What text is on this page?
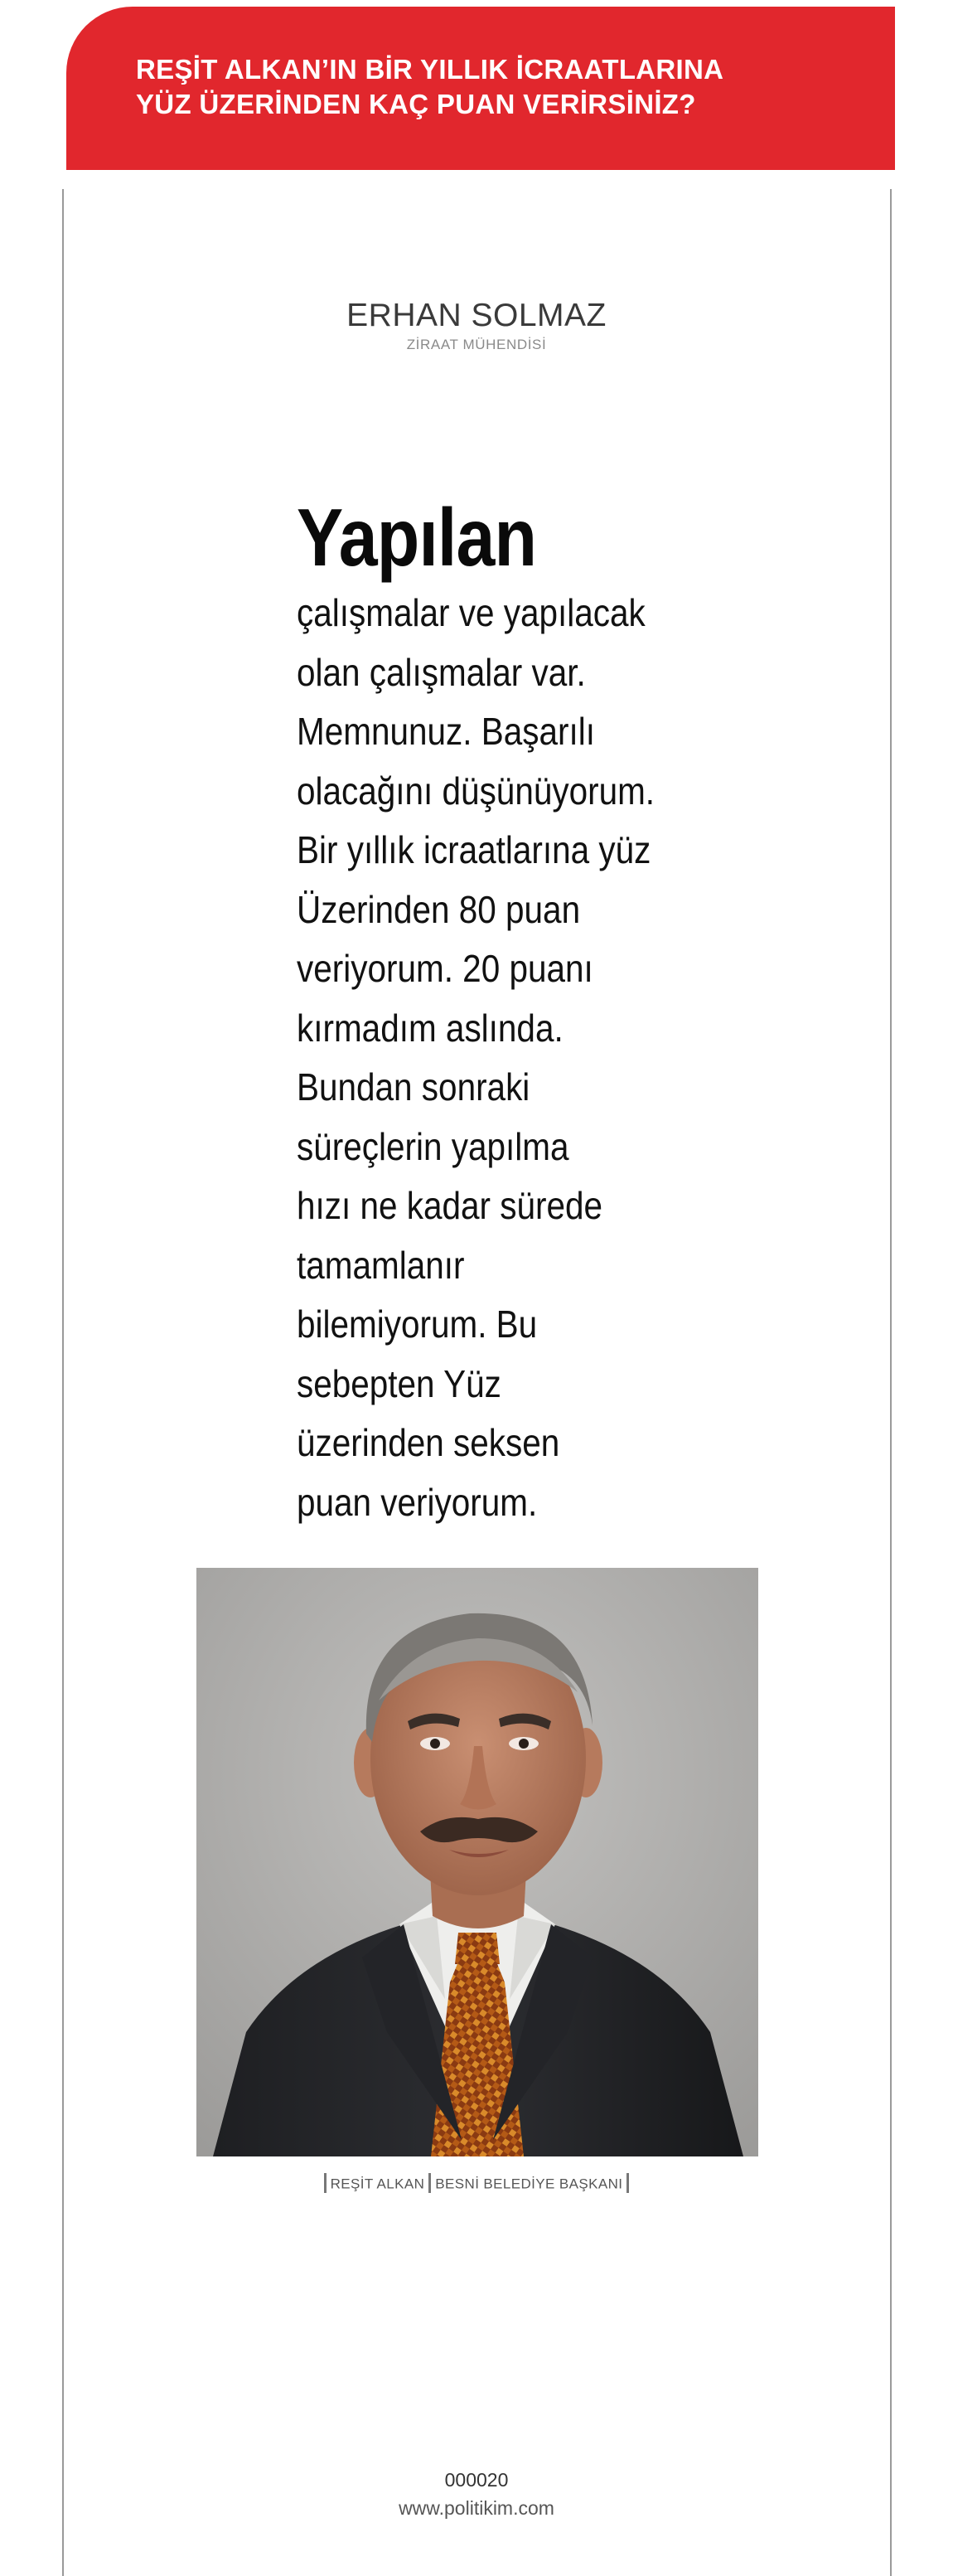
REŞİT ALKAN’IN BİR YILLIK İCRAATLARINA
YÜZ ÜZERİNDEN KAÇ PUAN VERİRSİNİZ?
ERHAN SOLMAZ
ZİRAAT MÜHENDİSİ
Yapılan
çalışmalar ve yapılacak
olan çalışmalar var.
Memnunuz. Başarılı
olacağını düşünüyorum.
Bir yıllık icraatlarına yüz
Üzerinden 80 puan
veriyorum. 20 puanı
kırmadım aslında.
Bundan sonraki
süreçlerin yapılma
hızı ne kadar sürede
tamamlanır
bilemiyorum. Bu
sebepten Yüz
üzerinden seksen
puan veriyorum.
REŞİT ALKAN BESNİ BELEDİYE BAŞKANI
000020
www.politikim.com
